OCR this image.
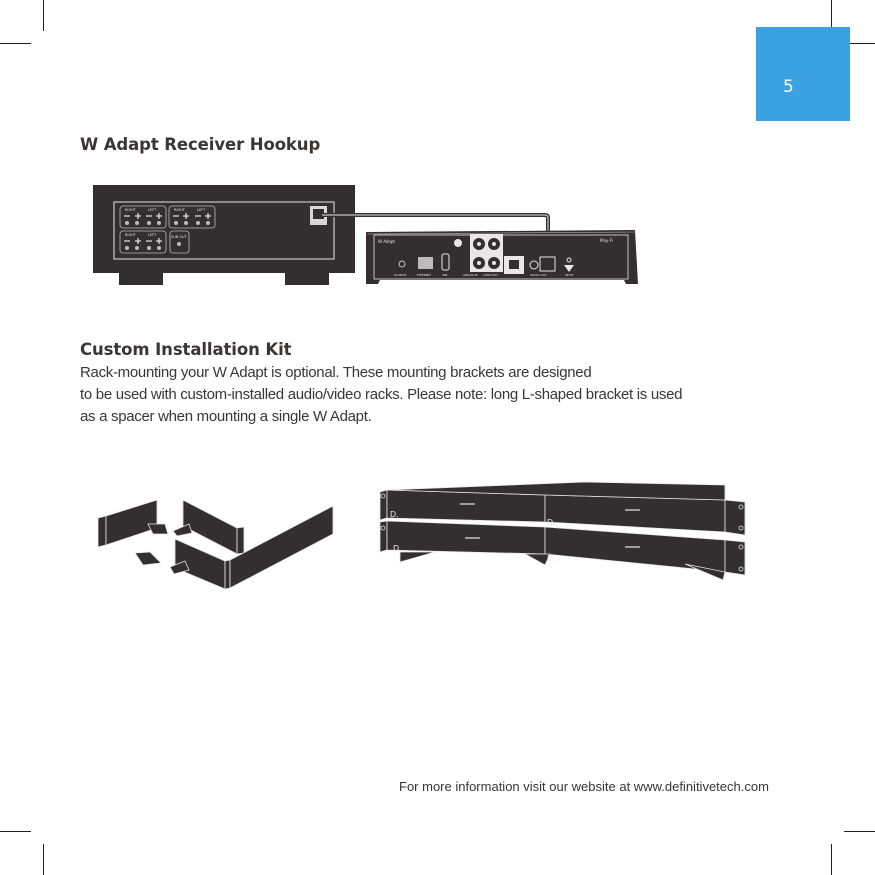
5
W Adapt Receiver Hookup
RIGHT	LEFT	RIGHT	LEFT
RIGHT	LEFT	SUB OUT
W Adapt	Play-Fi
DC INPUT	ETHERNET	USB	ANALOG IN AUDIO OUT	DIGITAL OUT	SETUP
Custom Installation Kit
Rack-mounting your W Adapt is optional. These mounting brackets are designed
to be used with custom-installed audio/video racks. Please note: long L-shaped bracket is used
as a spacer when mounting a single W Adapt.
D.
D.
D.
D.
For more information visit our website at www.definitivetech.com
